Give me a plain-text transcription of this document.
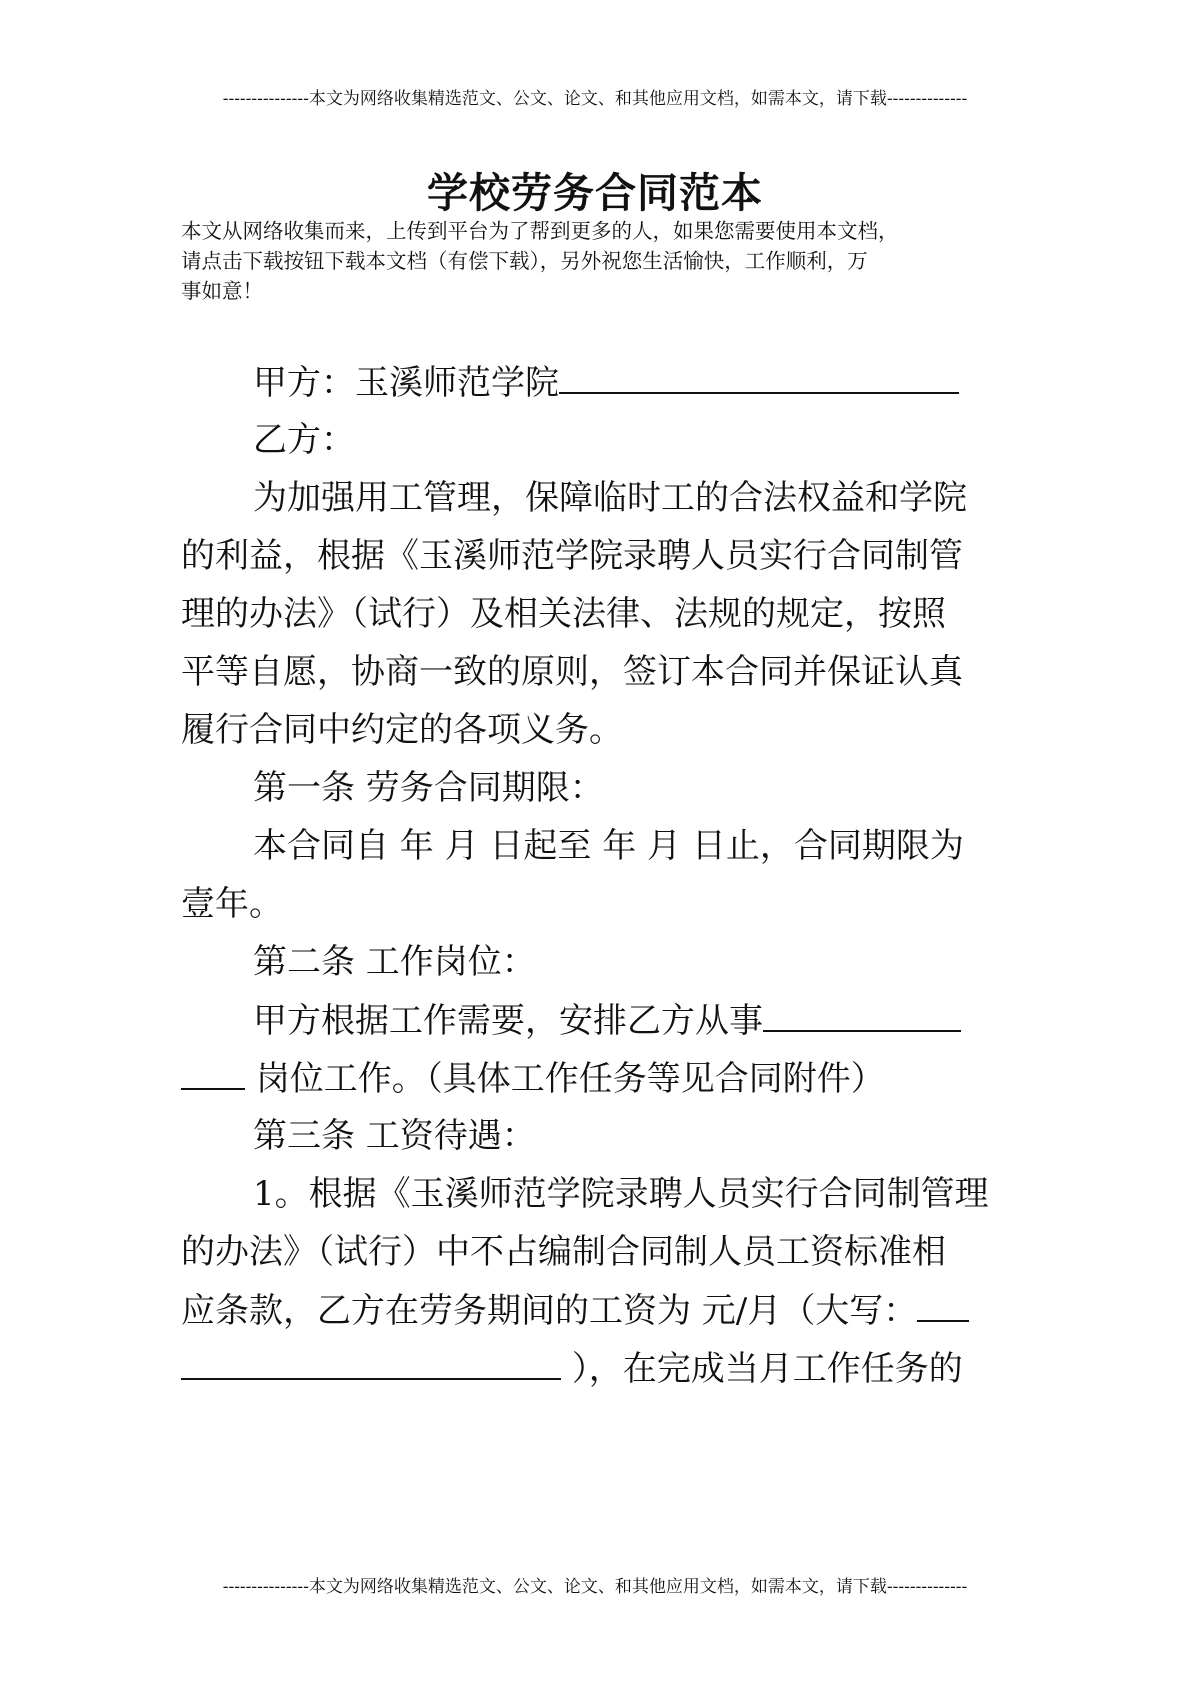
---------------本文为网络收集精选范文、公文、论文、和其他应用文档，如需本文，请下载--------------
学校劳务合同范本
本文从网络收集而来，上传到平台为了帮到更多的人，如果您需要使用本文档，
请点击下载按钮下载本文档（有偿下载），另外祝您生活愉快，工作顺利，万
事如意！
甲方：玉溪师范学院
乙方：
为加强用工管理，保障临时工的合法权益和学院
的利益，根据《玉溪师范学院录聘人员实行合同制管
理的办法》（试行）及相关法律、法规的规定，按照
平等自愿，协商一致的原则，签订本合同并保证认真
履行合同中约定的各项义务。
第一条 劳务合同期限：
本合同自 年 月 日起至 年 月 日止，合同期限为
壹年。
第二条 工作岗位：
甲方根据工作需要，安排乙方从事
岗位工作。（具体工作任务等见合同附件）
第三条 工资待遇：
1。根据《玉溪师范学院录聘人员实行合同制管理
的办法》（试行）中不占编制合同制人员工资标准相
应条款，乙方在劳务期间的工资为 元/月（大写：
），在完成当月工作任务的
---------------本文为网络收集精选范文、公文、论文、和其他应用文档，如需本文，请下载--------------
